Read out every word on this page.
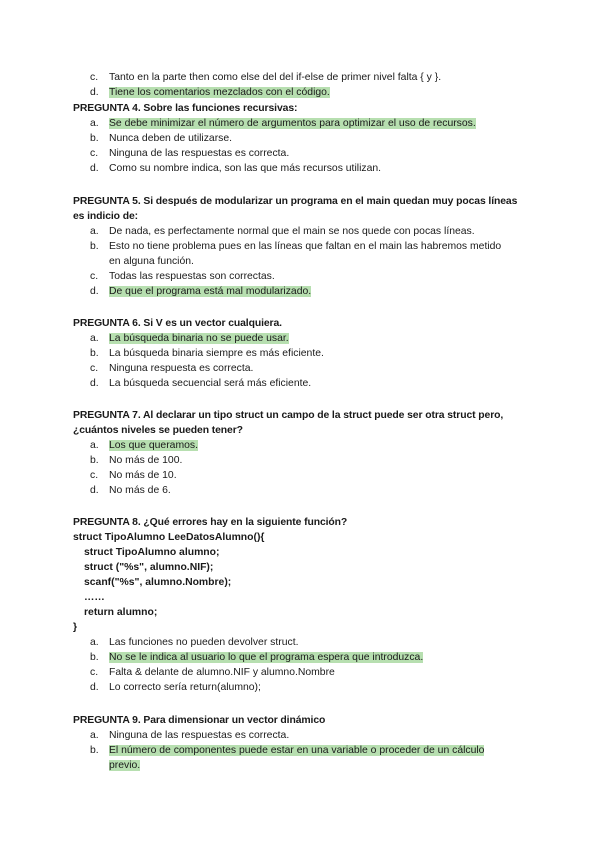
c. Tanto en la parte then como else del del if-else de primer nivel falta { y }.
d. Tiene los comentarios mezclados con el código.
PREGUNTA 4. Sobre las funciones recursivas:
a. Se debe minimizar el número de argumentos para optimizar el uso de recursos.
b. Nunca deben de utilizarse.
c. Ninguna de las respuestas es correcta.
d. Como su nombre indica, son las que más recursos utilizan.
PREGUNTA 5. Si después de modularizar un programa en el main quedan muy pocas líneas
es indicio de:
a. De nada, es perfectamente normal que el main se nos quede con pocas líneas.
b. Esto no tiene problema pues en las líneas que faltan en el main las habremos metido
en alguna función.
c. Todas las respuestas son correctas.
d. De que el programa está mal modularizado.
PREGUNTA 6. Si V es un vector cualquiera.
a. La búsqueda binaria no se puede usar.
b. La búsqueda binaria siempre es más eficiente.
c. Ninguna respuesta es correcta.
d. La búsqueda secuencial será más eficiente.
PREGUNTA 7. Al declarar un tipo struct un campo de la struct puede ser otra struct pero,
¿cuántos niveles se pueden tener?
a. Los que queramos.
b. No más de 100.
c. No más de 10.
d. No más de 6.
PREGUNTA 8. ¿Qué errores hay en la siguiente función?
struct TipoAlumno LeeDatosAlumno(){
struct TipoAlumno alumno;
struct ("%s", alumno.NIF);
scanf("%s", alumno.Nombre);
……
return alumno;
}
a. Las funciones no pueden devolver struct.
b. No se le indica al usuario lo que el programa espera que introduzca.
c. Falta & delante de alumno.NIF y alumno.Nombre
d. Lo correcto sería return(alumno);
PREGUNTA 9. Para dimensionar un vector dinámico
a. Ninguna de las respuestas es correcta.
b. El número de componentes puede estar en una variable o proceder de un cálculo
previo.
